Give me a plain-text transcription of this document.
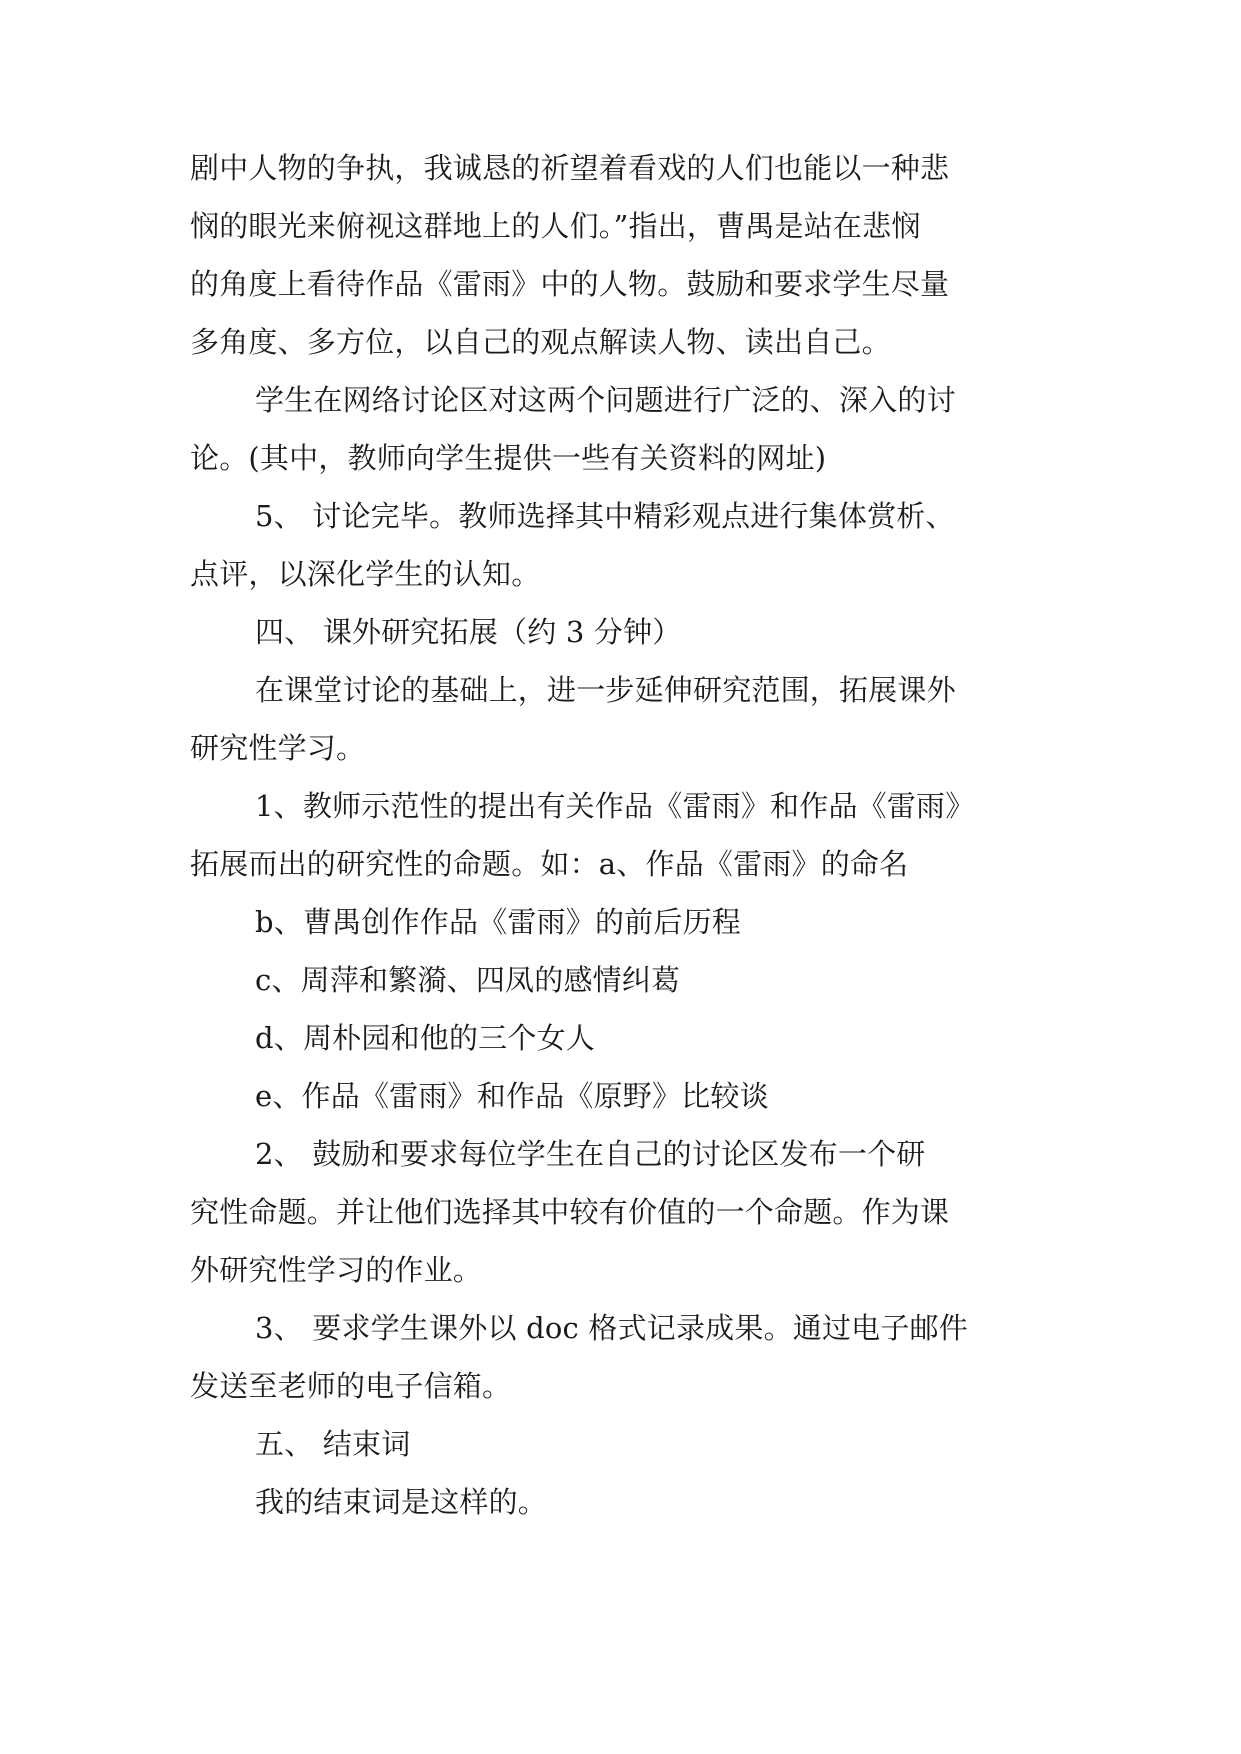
剧中人物的争执，我诚恳的祈望着看戏的人们也能以一种悲
悯的眼光来俯视这群地上的人们。”指出，曹禺是站在悲悯
的角度上看待作品《雷雨》中的人物。鼓励和要求学生尽量
多角度、多方位，以自己的观点解读人物、读出自己。
学生在网络讨论区对这两个问题进行广泛的、深入的讨
论。(其中，教师向学生提供一些有关资料的网址)
5、 讨论完毕。教师选择其中精彩观点进行集体赏析、
点评，以深化学生的认知。
四、 课外研究拓展（约 3 分钟）
在课堂讨论的基础上，进一步延伸研究范围，拓展课外
研究性学习。
1、教师示范性的提出有关作品《雷雨》和作品《雷雨》
拓展而出的研究性的命题。如：a、作品《雷雨》的命名
b、曹禺创作作品《雷雨》的前后历程
c、周萍和繁漪、四凤的感情纠葛
d、周朴园和他的三个女人
e、作品《雷雨》和作品《原野》比较谈
2、 鼓励和要求每位学生在自己的讨论区发布一个研
究性命题。并让他们选择其中较有价值的一个命题。作为课
外研究性学习的作业。
3、 要求学生课外以 doc 格式记录成果。通过电子邮件
发送至老师的电子信箱。
五、 结束词
我的结束词是这样的。
